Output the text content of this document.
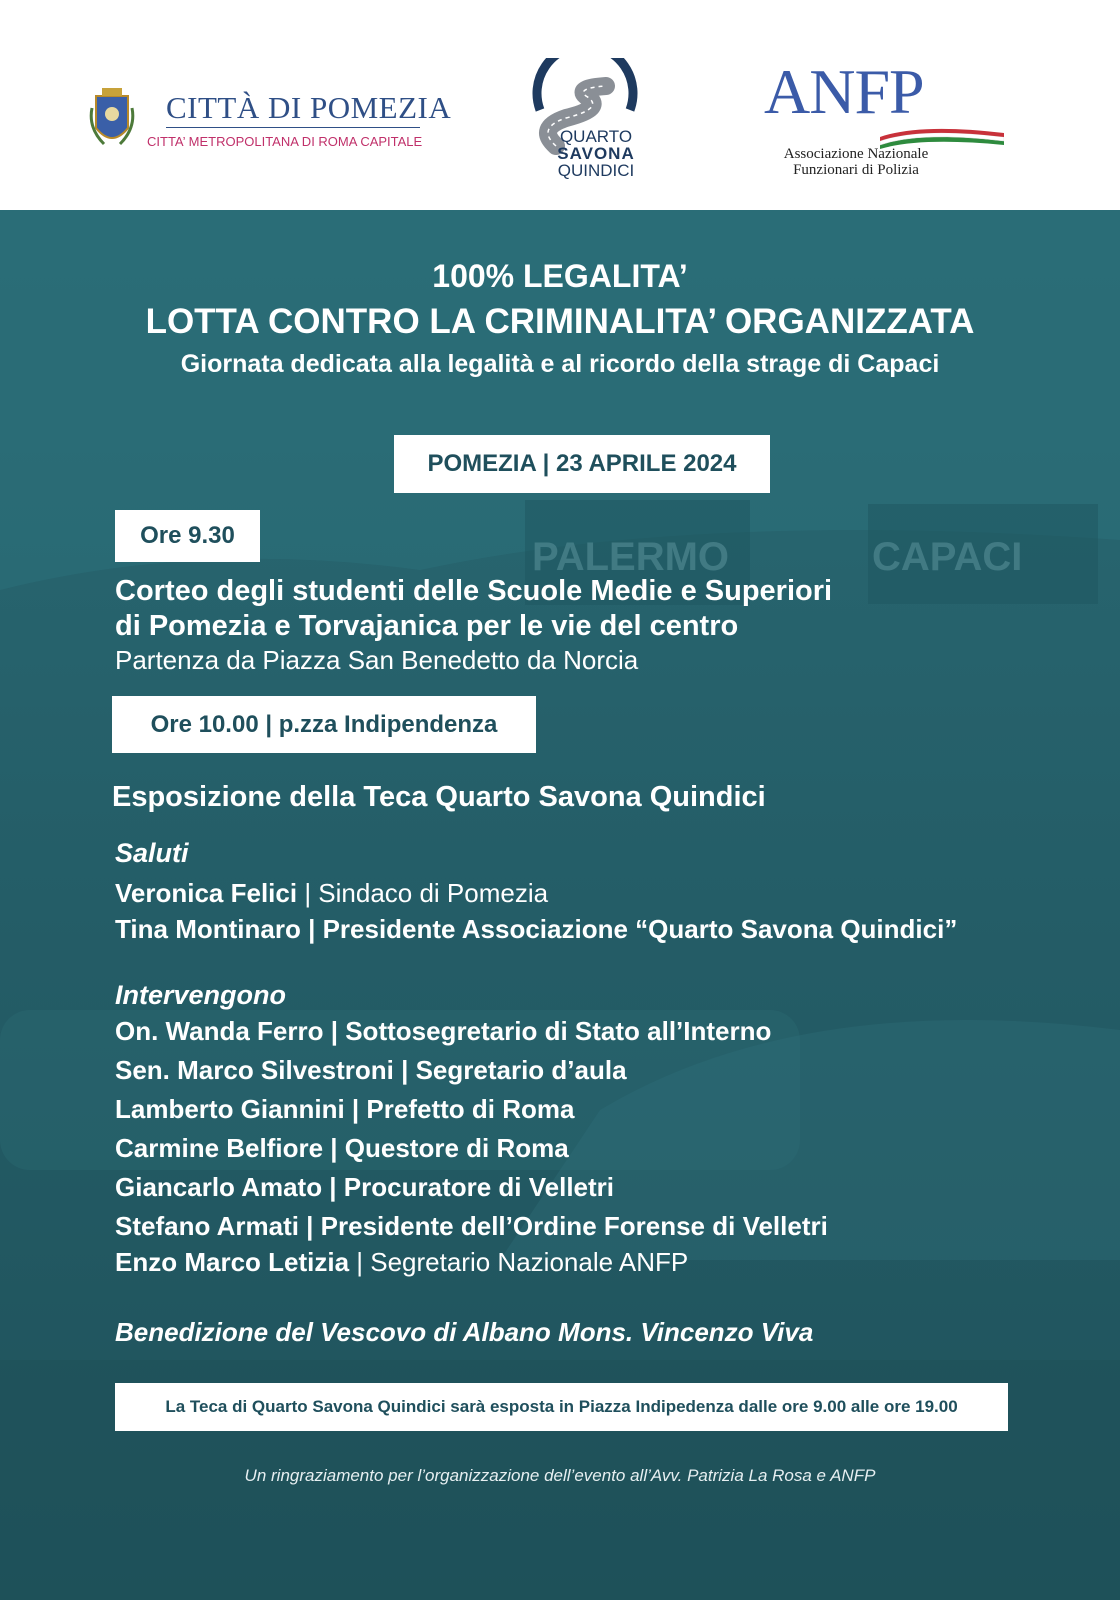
CITTÀ DI POMEZIA
CITTA’ METROPOLITANA DI ROMA CAPITALE	QUARTO
SAVONA
QUINDICI
ANFP
Associazione Nazionale
Funzionari di Polizia
PALERMO	CAPACI
100% LEGALITA’
LOTTA CONTRO LA CRIMINALITA’ ORGANIZZATA
Giornata dedicata alla legalità e al ricordo della strage di Capaci
POMEZIA | 23 APRILE 2024
Ore 9.30
Corteo degli studenti delle Scuole Medie e Superiori
di Pomezia e Torvajanica per le vie del centro
Partenza da Piazza San Benedetto da Norcia
Ore 10.00 | p.zza Indipendenza
Esposizione della Teca Quarto Savona Quindici
Saluti
Veronica Felici | Sindaco di Pomezia
Tina Montinaro | Presidente Associazione “Quarto Savona Quindici”
Intervengono
On. Wanda Ferro | Sottosegretario di Stato all’Interno
Sen. Marco Silvestroni | Segretario d’aula
Lamberto Giannini | Prefetto di Roma
Carmine Belfiore | Questore di Roma
Giancarlo Amato | Procuratore di Velletri
Stefano Armati | Presidente dell’Ordine Forense di Velletri
Enzo Marco Letizia | Segretario Nazionale ANFP
Benedizione del Vescovo di Albano Mons. Vincenzo Viva
La Teca di Quarto Savona Quindici sarà esposta in Piazza Indipedenza dalle ore 9.00 alle ore 19.00
Un ringraziamento per l’organizzazione dell’evento all’Avv. Patrizia La Rosa e ANFP
